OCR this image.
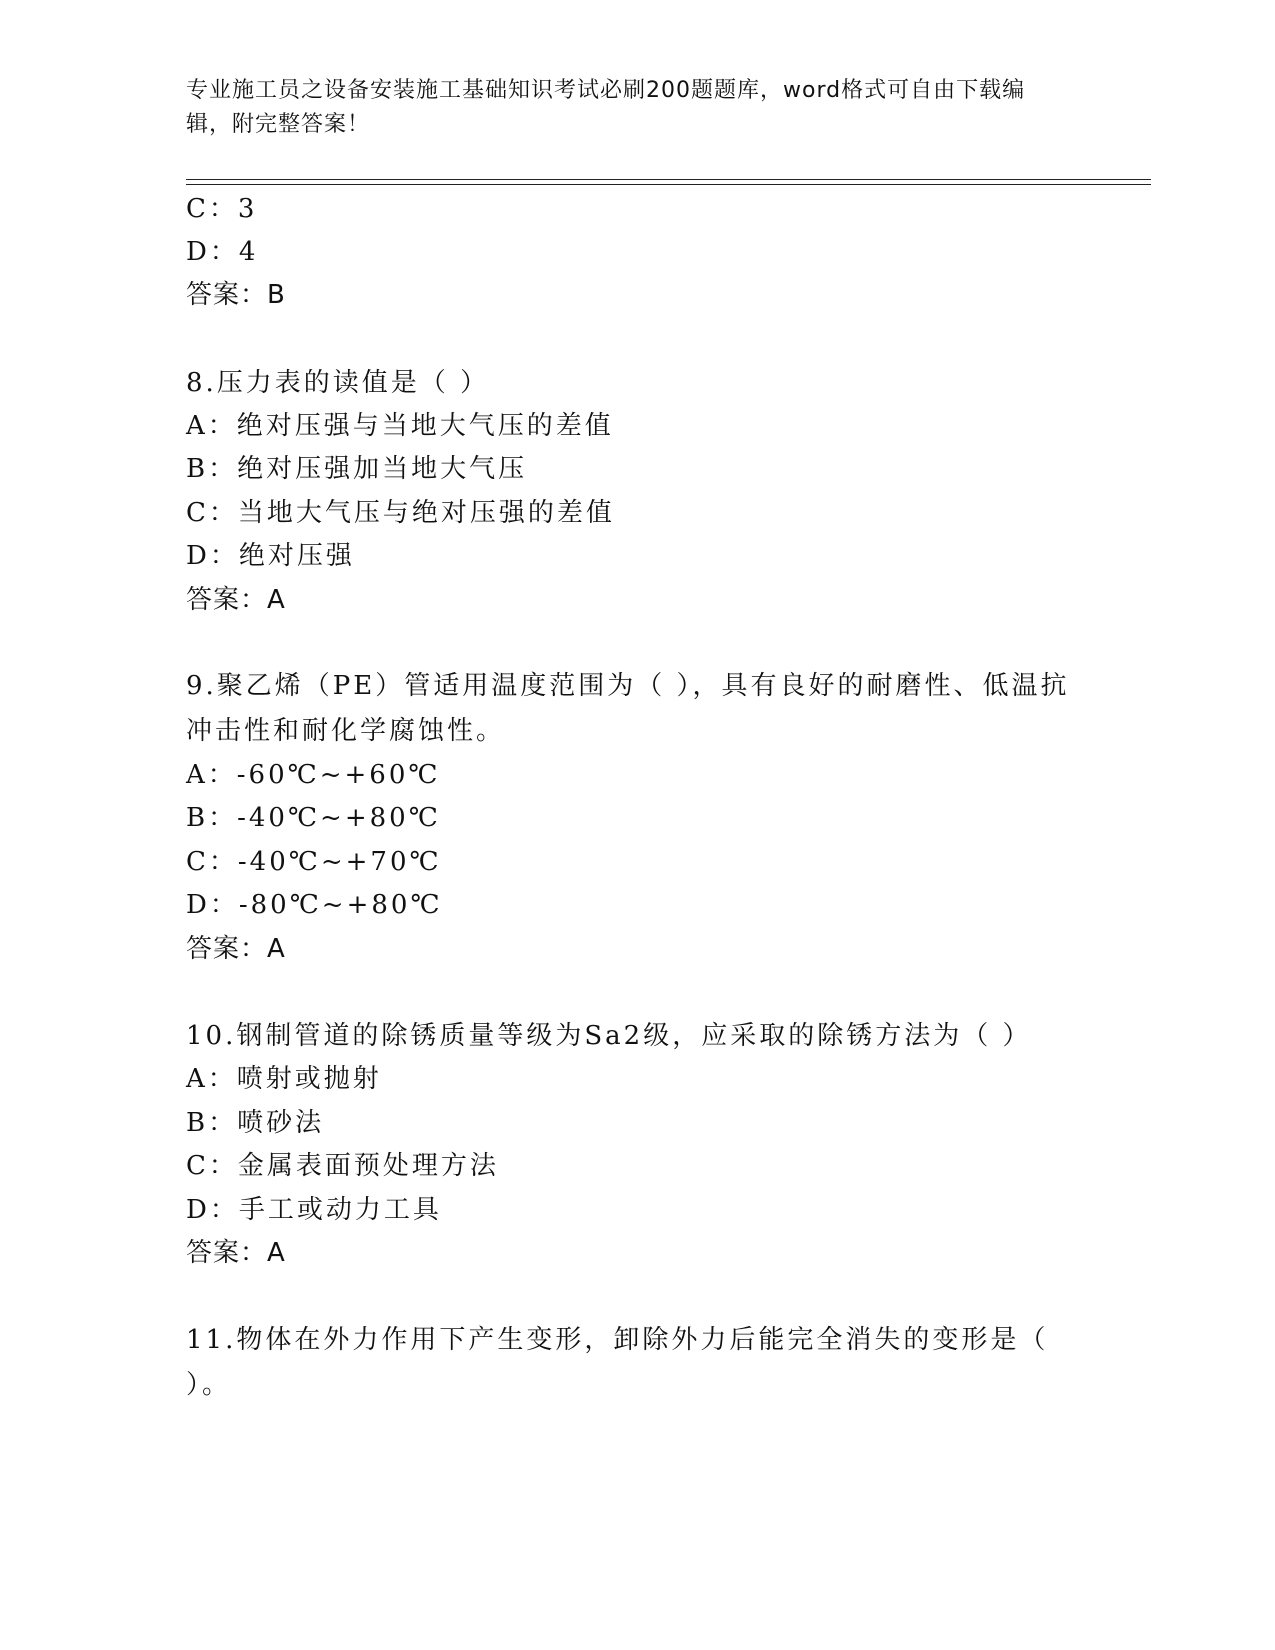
专业施工员之设备安装施工基础知识考试必刷200题题库，word格式可自由下载编辑，附完整答案！
C：3
D：4
答案：B
8.压力表的读值是（ ）
A：绝对压强与当地大气压的差值
B：绝对压强加当地大气压
C：当地大气压与绝对压强的差值
D：绝对压强
答案：A
9.聚乙烯（PE）管适用温度范围为（ ），具有良好的耐磨性、低温抗冲击性和耐化学腐蚀性。
A：-60℃~+60℃
B：-40℃~+80℃
C：-40℃~+70℃
D：-80℃~+80℃
答案：A
10.钢制管道的除锈质量等级为Sa2级，应采取的除锈方法为（ ）
A：喷射或抛射
B：喷砂法
C：金属表面预处理方法
D：手工或动力工具
答案：A
11.物体在外力作用下产生变形，卸除外力后能完全消失的变形是（ ）。
